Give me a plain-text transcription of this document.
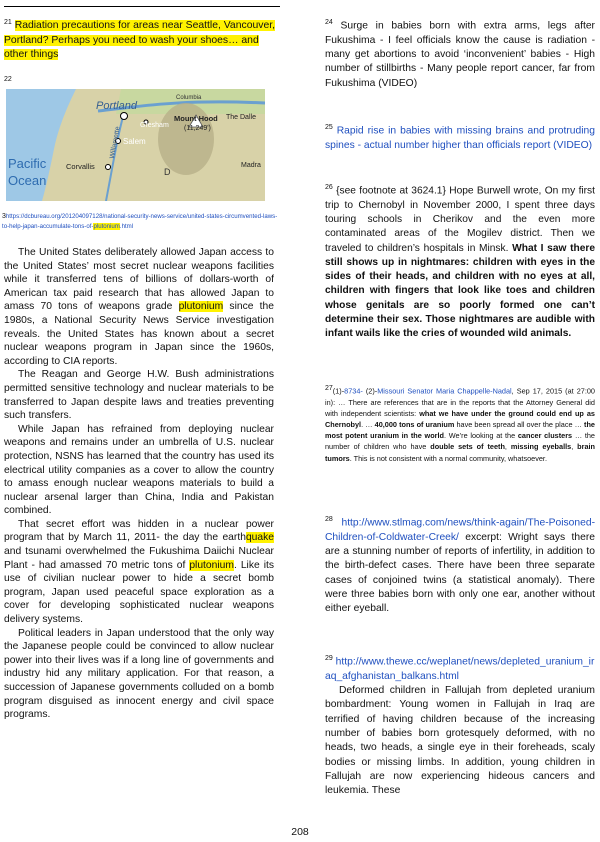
$^{21}$ Radiation precautions for areas near Seattle, Vancouver, Portland? Perhaps you need to wash your shoes… and other things
22
Portland
Columbia
Gresham
Mount Hood
(11,249')
Salem
Corvallis	Madra
The Dalle
Pacific
Ocean
Willamette
D
3https://dcbureau.org/201204097128/national-security-news-service/united-states-circumvented-laws-to-help-japan-accumulate-tons-of-plutonium.html

The United States deliberately allowed Japan access to the United States’ most secret nuclear weapons facilities while it transferred tens of billions of dollars-worth of American tax paid research that has allowed Japan to amass 70 tons of weapons grade plutonium since the 1980s, a National Security News Service investigation reveals. the United States has known about a secret nuclear weapons program in Japan since the 1960s, according to CIA reports.

The Reagan and George H.W. Bush administrations permitted sensitive technology and nuclear materials to be transferred to Japan despite laws and treaties preventing such transfers.

While Japan has refrained from deploying nuclear weapons and remains under an umbrella of U.S. nuclear protection, NSNS has learned that the country has used its electrical utility companies as a cover to allow the country to amass enough nuclear weapons materials to build a nuclear arsenal larger than China, India and Pakistan combined.

That secret effort was hidden in a nuclear power program that by March 11, 2011- the day the earthquake and tsunami overwhelmed the Fukushima Daiichi Nuclear Plant - had amassed 70 metric tons of plutonium. Like its use of civilian nuclear power to hide a secret bomb program, Japan used peaceful space exploration as a cover for developing sophisticated nuclear weapons delivery systems.

Political leaders in Japan understood that the only way the Japanese people could be convinced to allow nuclear power into their lives was if a long line of governments and industry hid any military application. For that reason, a succession of Japanese governments colluded on a bomb program disguised as innocent energy and civil space programs.

$^{24}$ Surge in babies born with extra arms, legs after Fukushima - I feel officials know the cause is radiation - many get abortions to avoid ‘inconvenient’ babies - High number of stillbirths - Many people report cancer, far from Fukushima (VIDEO)

$^{25}$ Rapid rise in babies with missing brains and protruding spines - actual number higher than officials report (VIDEO)

$^{26}$ {see footnote at 3624.1} Hope Burwell wrote, On my first trip to Chernobyl in November 2000, I spent three days touring schools in Cherikov and the even more contaminated areas of the Mogilev district. Then we traveled to children’s hospitals in Minsk. What I saw there still shows up in nightmares: children with eyes in the sides of their heads, and children with no eyes at all, children with fingers that look like toes and children whose genitals are so poorly formed one can’t determine their sex. Those nightmares are audible with infant wails like the cries of wounded wild animals.

27(1)-8734- (2)-Missouri Senator Maria Chappelle-Nadal, Sep 17, 2015 (at 27:00 in): … There are references that are in the reports that the Attorney General did with independent scientists: what we have under the ground could end up as Chernobyl. … 40,000 tons of uranium have been spread all over the place … the most potent uranium in the world. We’re looking at the cancer clusters … the number of children who have double sets of teeth, missing eyeballs, brain tumors. This is not consistent with a normal community, whatsoever.

$^{28}$ http://www.stlmag.com/news/think-again/The-Poisoned-Children-of-Coldwater-Creek/ excerpt: Wright says there are a stunning number of reports of infertility, in addition to the birth-defect cases. There have been three separate cases of conjoined twins (a statistical anomaly). There were three babies born with only one ear, another without either eyeball.

$^{29}$ http://www.thewe.cc/weplanet/news/depleted_uranium_iraq_afghanistan_balkans.html

Deformed children in Fallujah from depleted uranium bombardment: Young women in Fallujah in Iraq are terrified of having children because of the increasing number of babies born grotesquely deformed, with no heads, two heads, a single eye in their foreheads, scaly bodies or missing limbs. In addition, young children in Fallujah are now experiencing hideous cancers and leukemia. These

208
